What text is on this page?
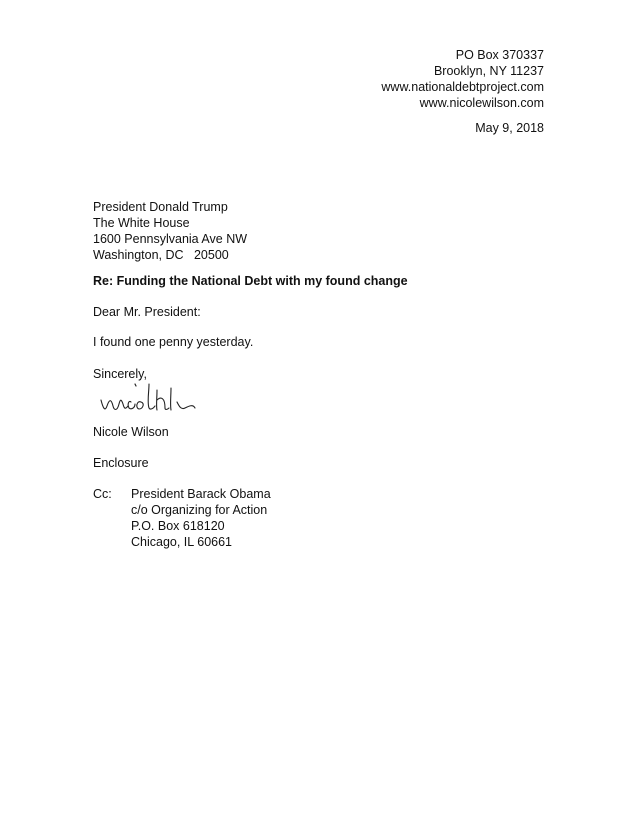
PO Box 370337
Brooklyn, NY 11237
www.nationaldebtproject.com
www.nicolewilson.com
May 9, 2018
President Donald Trump
The White House
1600 Pennsylvania Ave NW
Washington, DC   20500
Re: Funding the National Debt with my found change
Dear Mr. President:
I found one penny yesterday.
Sincerely,
Nicole Wilson
Enclosure
Cc:	President Barack Obama
c/o Organizing for Action
P.O. Box 618120
Chicago, IL 60661
